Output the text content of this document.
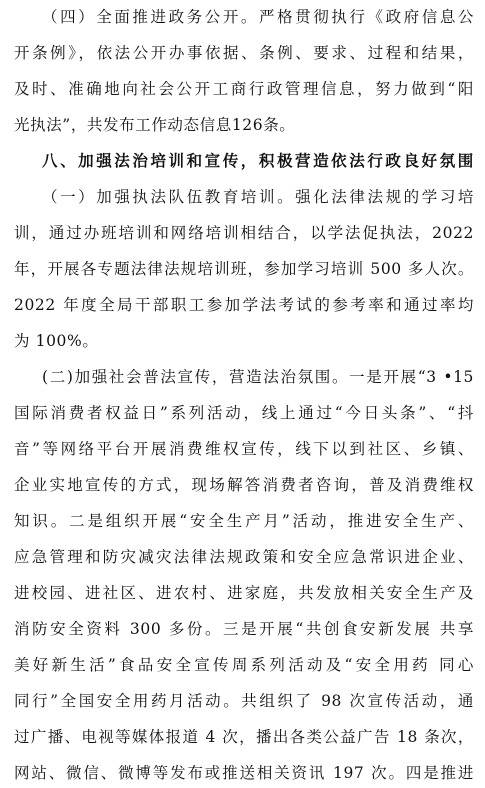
（四）全面推进政务公开。严格贯彻执行《政府信息公
开条例》，依法公开办事依据、条例、要求、过程和结果，
及时、准确地向社会公开工商行政管理信息，努力做到“阳
光执法”，共发布工作动态信息126条。
八、加强法治培训和宣传，积极营造依法行政良好氛围
（一）加强执法队伍教育培训。强化法律法规的学习培
训，通过办班培训和网络培训相结合，以学法促执法，2022
年，开展各专题法律法规培训班，参加学习培训 500 多人次。
2022 年度全局干部职工参加学法考试的参考率和通过率均
为 100%。
(二)加强社会普法宣传，营造法治氛围。一是开展“3 •15
国际消费者权益日”系列活动，线上通过“今日头条”、“抖
音”等网络平台开展消费维权宣传，线下以到社区、乡镇、
企业实地宣传的方式，现场解答消费者咨询，普及消费维权
知识。二是组织开展“安全生产月”活动，推进安全生产、
应急管理和防灾减灾法律法规政策和安全应急常识进企业、
进校园、进社区、进农村、进家庭，共发放相关安全生产及
消防安全资料 300 多份。三是开展“共创食安新发展 共享
美好新生活”食品安全宣传周系列活动及“安全用药 同心
同行”全国安全用药月活动。共组织了 98 次宣传活动，通
过广播、电视等媒体报道 4 次，播出各类公益广告 18 条次，
网站、微信、微博等发布或推送相关资讯 197 次。四是推进
